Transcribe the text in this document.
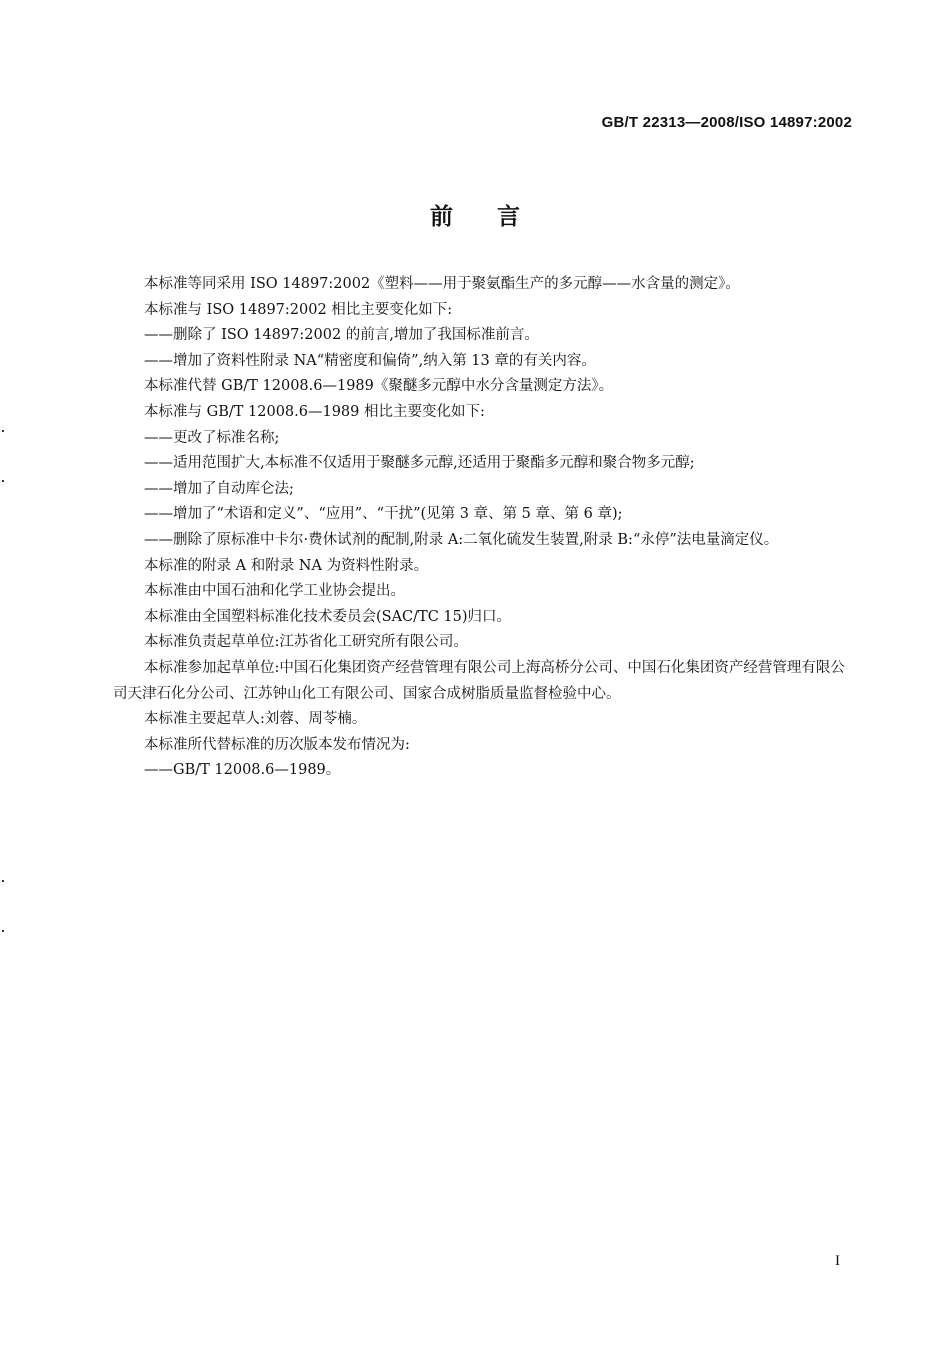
GB/T 22313—2008/ISO 14897:2002
前言

本标准等同采用 ISO 14897:2002《塑料——用于聚氨酯生产的多元醇——水含量的测定》。

本标准与 ISO 14897:2002 相比主要变化如下:

——删除了 ISO 14897:2002 的前言,增加了我国标准前言。

——增加了资料性附录 NA“精密度和偏倚”,纳入第 13 章的有关内容。

本标准代替 GB/T 12008.6—1989《聚醚多元醇中水分含量测定方法》。

本标准与 GB/T 12008.6—1989 相比主要变化如下:

——更改了标准名称;

——适用范围扩大,本标准不仅适用于聚醚多元醇,还适用于聚酯多元醇和聚合物多元醇;

——增加了自动库仑法;

——增加了“术语和定义”、“应用”、“干扰”(见第 3 章、第 5 章、第 6 章);

——删除了原标准中卡尔·费休试剂的配制,附录 A:二氧化硫发生装置,附录 B:“永停”法电量滴定仪。

本标准的附录 A 和附录 NA 为资料性附录。

本标准由中国石油和化学工业协会提出。

本标准由全国塑料标准化技术委员会(SAC/TC 15)归口。

本标准负责起草单位:江苏省化工研究所有限公司。

本标准参加起草单位:中国石化集团资产经营管理有限公司上海高桥分公司、中国石化集团资产经营管理有限公司天津石化分公司、江苏钟山化工有限公司、国家合成树脂质量监督检验中心。

本标准主要起草人:刘蓉、周苓楠。

本标准所代替标准的历次版本发布情况为:

——GB/T 12008.6—1989。

I
